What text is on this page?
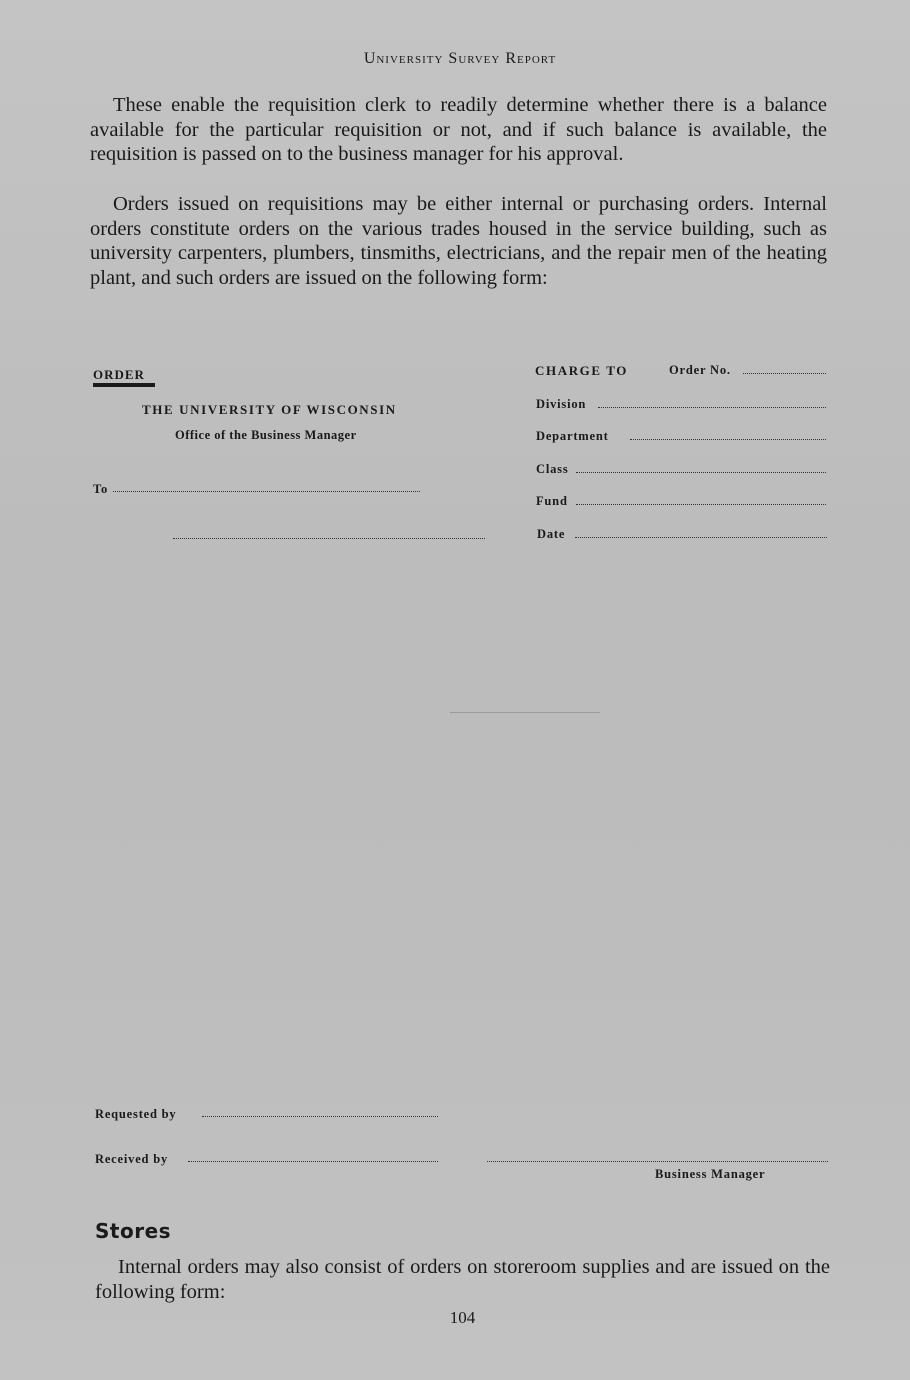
University Survey Report

These enable the requisition clerk to readily determine whether there is a balance available for the particular requisition or not, and if such balance is available, the requisition is passed on to the business manager for his approval.

Orders issued on requisitions may be either internal or purchasing orders. Internal orders constitute orders on the various trades housed in the service building, such as university carpenters, plumbers, tinsmiths, electricians, and the repair men of the heating plant, and such orders are issued on the following form:

ORDER
THE UNIVERSITY OF WISCONSIN
Office of the Business Manager
To
CHARGE TO	Order No.
Division
Department
Class
Fund
Date
Requested by
Received by
Business Manager
Stores

Internal orders may also consist of orders on storeroom supplies and are issued on the following form:

104
